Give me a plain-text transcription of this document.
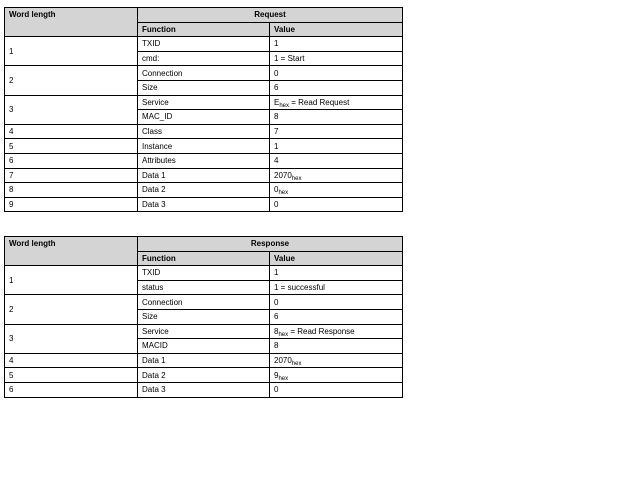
Word length	Request	
	Function	Value
1	TXID	1
	cmd:	1 = Start
2	Connection	0
	Size	6
3	Service	$E_{hex}$ = Read Request
	MAC_ID	8
4	Class	7
5	Instance	1
6	Attributes	4
7	Data 1	$2070_{hex}$
8	Data 2	$0_{hex}$
9	Data 3	0
Word length	Response	
	Function	Value
1	TXID	1
	status	1 = successful
2	Connection	0
	Size	6
3	Service	$8_{hex}$ = Read Response
	MACID	8
4	Data 1	$2070_{hex}$
5	Data 2	$9_{hex}$
6	Data 3	0
